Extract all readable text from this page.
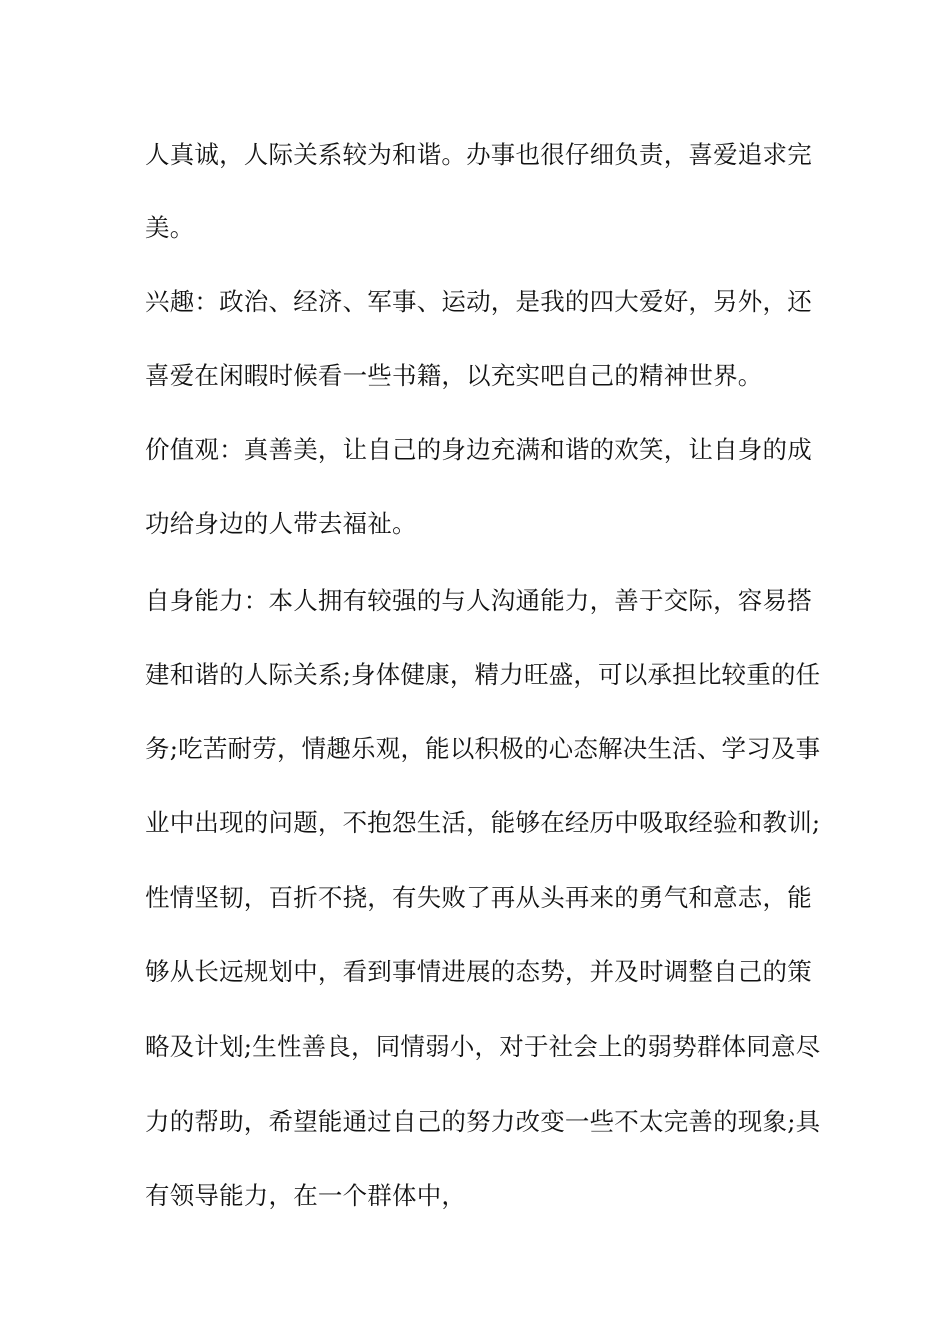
人真诚，人际关系较为和谐。办事也很仔细负责，喜爱追求完
美。
兴趣：政治、经济、军事、运动，是我的四大爱好，另外，还
喜爱在闲暇时候看一些书籍，以充实吧自己的精神世界。
价值观：真善美，让自己的身边充满和谐的欢笑，让自身的成
功给身边的人带去福祉。
自身能力：本人拥有较强的与人沟通能力，善于交际，容易搭
建和谐的人际关系;身体健康，精力旺盛，可以承担比较重的任
务;吃苦耐劳，情趣乐观，能以积极的心态解决生活、学习及事
业中出现的问题，不抱怨生活，能够在经历中吸取经验和教训;
性情坚韧，百折不挠，有失败了再从头再来的勇气和意志，能
够从长远规划中，看到事情进展的态势，并及时调整自己的策
略及计划;生性善良，同情弱小，对于社会上的弱势群体同意尽
力的帮助，希望能通过自己的努力改变一些不太完善的现象;具
有领导能力，在一个群体中，
